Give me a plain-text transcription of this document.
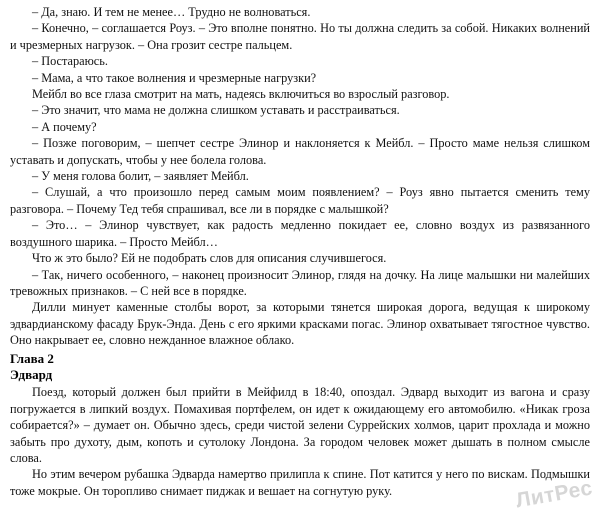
– Да, знаю. И тем не менее… Трудно не волноваться.

– Конечно, – соглашается Роуз. – Это вполне понятно. Но ты должна следить за собой. Никаких волнений и чрезмерных нагрузок. – Она грозит сестре пальцем.

– Постараюсь.

– Мама, а что такое волнения и чрезмерные нагрузки?

Мейбл во все глаза смотрит на мать, надеясь включиться во взрослый разговор.

– Это значит, что мама не должна слишком уставать и расстраиваться.

– А почему?

– Позже поговорим, – шепчет сестре Элинор и наклоняется к Мейбл. – Просто маме нельзя слишком уставать и допускать, чтобы у нее болела голова.

– У меня голова болит, – заявляет Мейбл.

– Слушай, а что произошло перед самым моим появлением? – Роуз явно пытается сменить тему разговора. – Почему Тед тебя спрашивал, все ли в порядке с малышкой?

– Это… – Элинор чувствует, как радость медленно покидает ее, словно воздух из развязанного воздушного шарика. – Просто Мейбл…

Что ж это было? Ей не подобрать слов для описания случившегося.

– Так, ничего особенного, – наконец произносит Элинор, глядя на дочку. На лице малышки ни малейших тревожных признаков. – С ней все в порядке.

Дилли минует каменные столбы ворот, за которыми тянется широкая дорога, ведущая к широкому эдвардианскому фасаду Брук-Энда. День с его яркими красками погас. Элинор охватывает тягостное чувство. Оно накрывает ее, словно нежданное влажное облако.

Глава 2

Эдвард

Поезд, который должен был прийти в Мейфилд в 18:40, опоздал. Эдвард выходит из вагона и сразу погружается в липкий воздух. Помахивая портфелем, он идет к ожидающему его автомобилю. «Никак гроза собирается?» – думает он. Обычно здесь, среди чистой зелени Суррейских холмов, царит прохлада и можно забыть про духоту, дым, копоть и сутолоку Лондона. За городом человек может дышать в полном смысле слова.

Но этим вечером рубашка Эдварда намертво прилипла к спине. Пот катится у него по вискам. Подмышки тоже мокрые. Он торопливо снимает пиджак и вешает на согнутую руку.	ЛитРес
